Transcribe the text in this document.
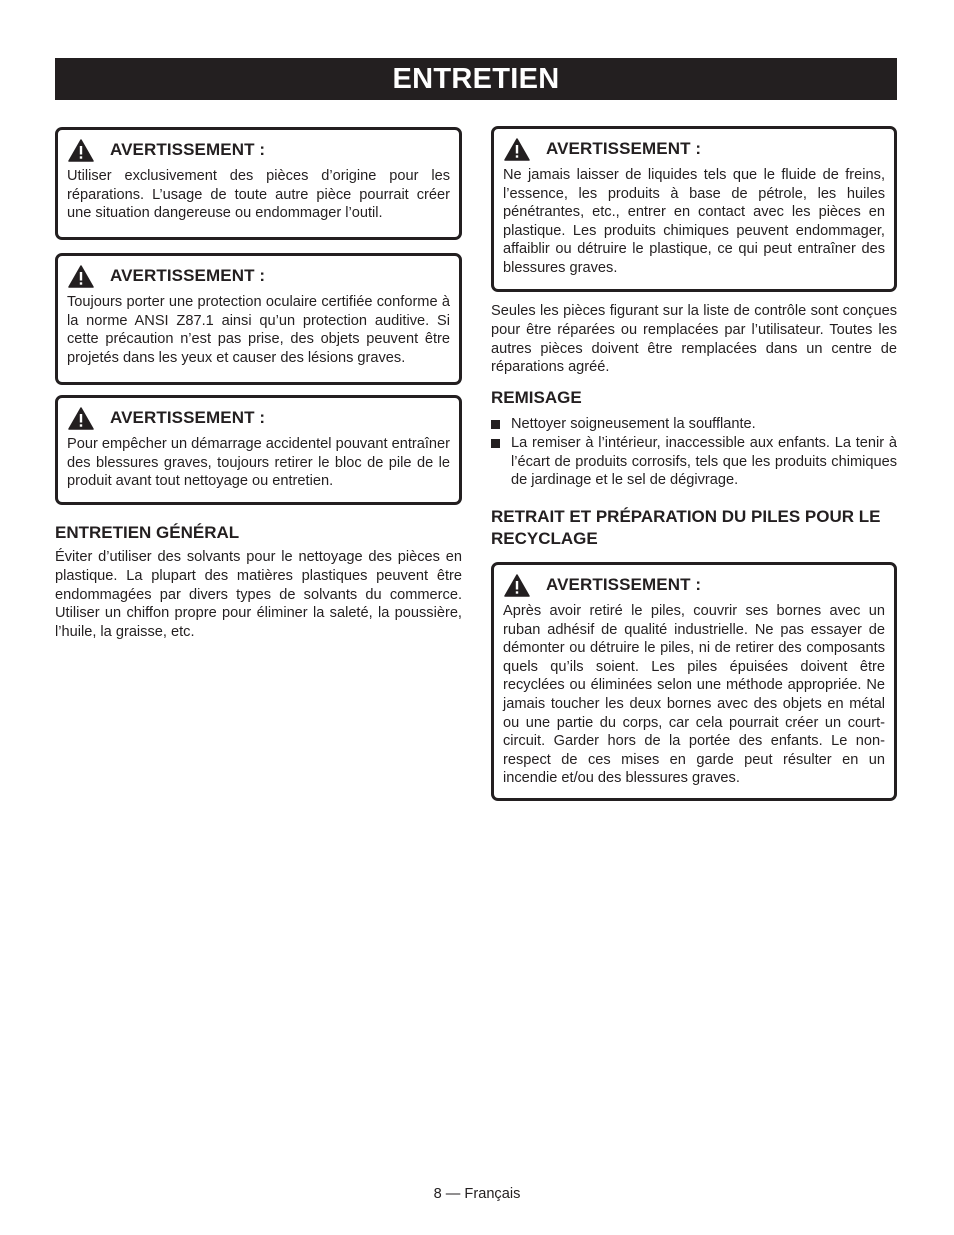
ENTRETIEN
AVERTISSEMENT :
Utiliser exclusivement des pièces d’origine pour les réparations. L’usage de toute autre pièce pourrait créer une situation dangereuse ou endommager l’outil.
AVERTISSEMENT :
Toujours porter une protection oculaire certifiée conforme à la norme ANSI Z87.1 ainsi qu’un protection auditive. Si cette précaution n’est pas prise, des objets peuvent être projetés dans les yeux et causer des lésions graves.
AVERTISSEMENT :
Pour empêcher un démarrage accidentel pouvant entraîner des blessures graves, toujours retirer le bloc de pile de le produit avant tout nettoyage ou entretien.
ENTRETIEN GÉNÉRAL
Éviter d’utiliser des solvants pour le nettoyage des pièces en plastique. La plupart des matières plastiques peuvent être endommagées par divers types de solvants du commerce. Utiliser un chiffon propre pour éliminer la saleté, la poussière, l’huile, la graisse, etc.
AVERTISSEMENT :
Ne jamais laisser de liquides tels que le fluide de freins, l’essence, les produits à base de pétrole, les huiles pénétrantes, etc., entrer en contact avec les pièces en plastique. Les produits chimiques peuvent endommager, affaiblir ou détruire le plastique, ce qui peut entraîner des blessures graves.
Seules les pièces figurant sur la liste de contrôle sont conçues pour être réparées ou remplacées par l’utilisateur. Toutes les autres pièces doivent être remplacées dans un centre de réparations agréé.
REMISAGE
Nettoyer soigneusement la soufflante.
La remiser à l’intérieur, inaccessible aux enfants. La tenir à l’écart de produits corrosifs, tels que les produits chimiques de jardinage et le sel de dégivrage.
RETRAIT ET PRÉPARATION DU PILES POUR LE RECYCLAGE
AVERTISSEMENT :
Après avoir retiré le piles, couvrir ses bornes avec un ruban adhésif de qualité industrielle. Ne pas essayer de démonter ou détruire le piles, ni de retirer des composants quels qu’ils soient. Les piles épuisées doivent être recyclées ou éliminées selon une méthode appropriée. Ne jamais toucher les deux bornes avec des objets en métal ou une partie du corps, car cela pourrait créer un court-circuit. Garder hors de la portée des enfants. Le non-respect de ces mises en garde peut résulter en un incendie et/ou des blessures graves.
8 — Français
